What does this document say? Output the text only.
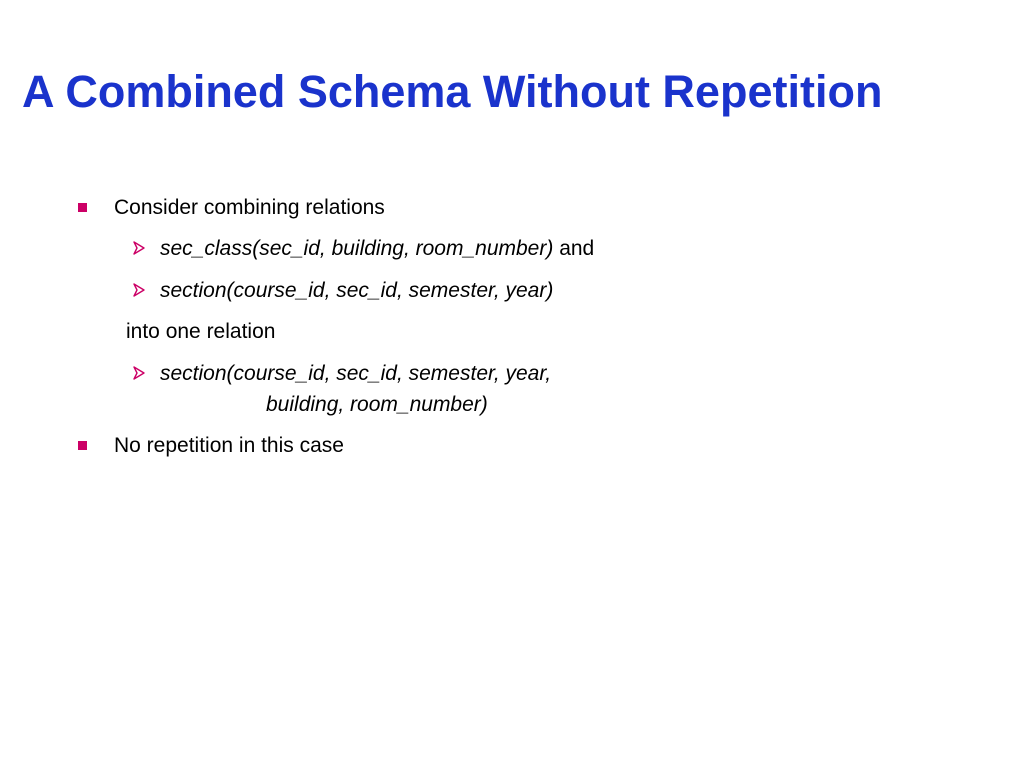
A Combined Schema Without Repetition
Consider combining relations
sec_class(sec_id, building, room_number) and
section(course_id, sec_id, semester, year)
into one relation
section(course_id, sec_id, semester, year,
building, room_number)
No repetition in this case
